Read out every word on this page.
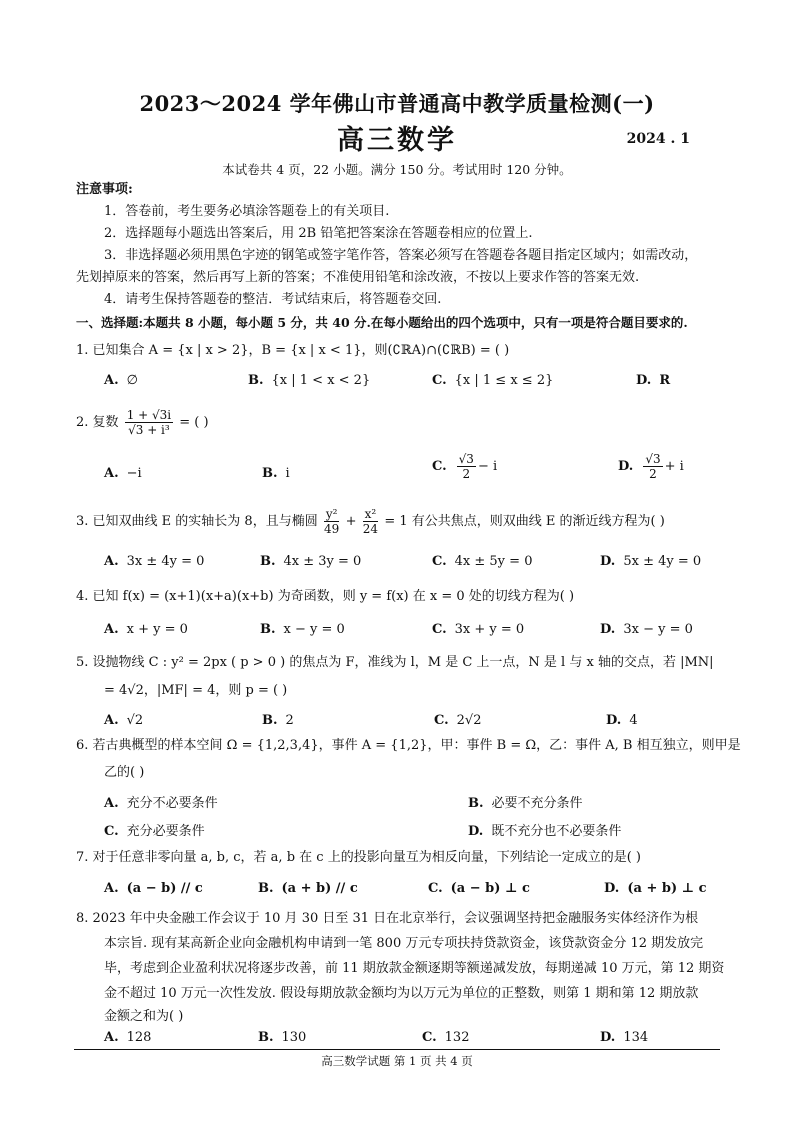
2023～2024 学年佛山市普通高中教学质量检测(一)
高三数学	2024 . 1
本试卷共 4 页，22 小题。满分 150 分。考试用时 120 分钟。
注意事项:
1．答卷前，考生要务必填涂答题卷上的有关项目.
2．选择题每小题选出答案后，用 2B 铅笔把答案涂在答题卷相应的位置上.
3．非选择题必须用黑色字迹的钢笔或签字笔作答，答案必须写在答题卷各题目指定区域内；如需改动，
先划掉原来的答案，然后再写上新的答案；不准使用铅笔和涂改液，不按以上要求作答的答案无效.
4．请考生保持答题卷的整洁．考试结束后，将答题卷交回.
一、选择题:本题共 8 小题，每小题 5 分，共 40 分.在每小题给出的四个选项中，只有一项是符合题目要求的.
1. 已知集合 A = {x | x > 2}，B = {x | x < 1}，则(∁ℝA)∩(∁ℝB) = ( )
A. ∅	B. {x | 1 < x < 2}	C. {x | 1 ≤ x ≤ 2}	D. R
2. 复数 $\frac{1 + √3i}{\text{√3 + i³}}$ = ( )
A. −i	B. i	C. $\frac{√3}{2} - i$	D. $\frac{√3}{2} + i$
3. 已知双曲线 E 的实轴长为 8，且与椭圆 $\frac{\text{y²}}{49} + \frac{\text{x²}}{24} = 1$ 有公共焦点，则双曲线 E 的渐近线方程为( )
A. 3x ± 4y = 0	B. 4x ± 3y = 0	C. 4x ± 5y = 0	D. 5x ± 4y = 0
4. 已知 f(x) = (x+1)(x+a)(x+b) 为奇函数，则 y = f(x) 在 x = 0 处的切线方程为( )
A. x + y = 0	B. x − y = 0	C. 3x + y = 0	D. 3x − y = 0
5. 设抛物线 C : y² = 2px ( p > 0 ) 的焦点为 F，准线为 l，M 是 C 上一点，N 是 l 与 x 轴的交点，若 |MN|
= 4√2，|MF| = 4，则 p = ( )
A. √2	B. 2	C. 2√2	D. 4
6. 若古典概型的样本空间 Ω = {1,2,3,4}，事件 A = {1,2}，甲：事件 B = Ω，乙：事件 A, B 相互独立，则甲是
乙的( )
A. 充分不必要条件	B. 必要不充分条件
C. 充分必要条件	D. 既不充分也不必要条件
7. 对于任意非零向量 a, b, c，若 a, b 在 c 上的投影向量互为相反向量，下列结论一定成立的是( )
A. (a − b) // c	B. (a + b) // c	C. (a − b) ⊥ c	D. (a + b) ⊥ c
8. 2023 年中央金融工作会议于 10 月 30 日至 31 日在北京举行，会议强调坚持把金融服务实体经济作为根
本宗旨. 现有某高新企业向金融机构申请到一笔 800 万元专项扶持贷款资金，该贷款资金分 12 期发放完
毕，考虑到企业盈利状况将逐步改善，前 11 期放款金额逐期等额递减发放，每期递减 10 万元，第 12 期资
金不超过 10 万元一次性发放. 假设每期放款金额均为以万元为单位的正整数，则第 1 期和第 12 期放款
金额之和为( )
A. 128	B. 130	C. 132	D. 134
高三数学试题 第 1 页 共 4 页
